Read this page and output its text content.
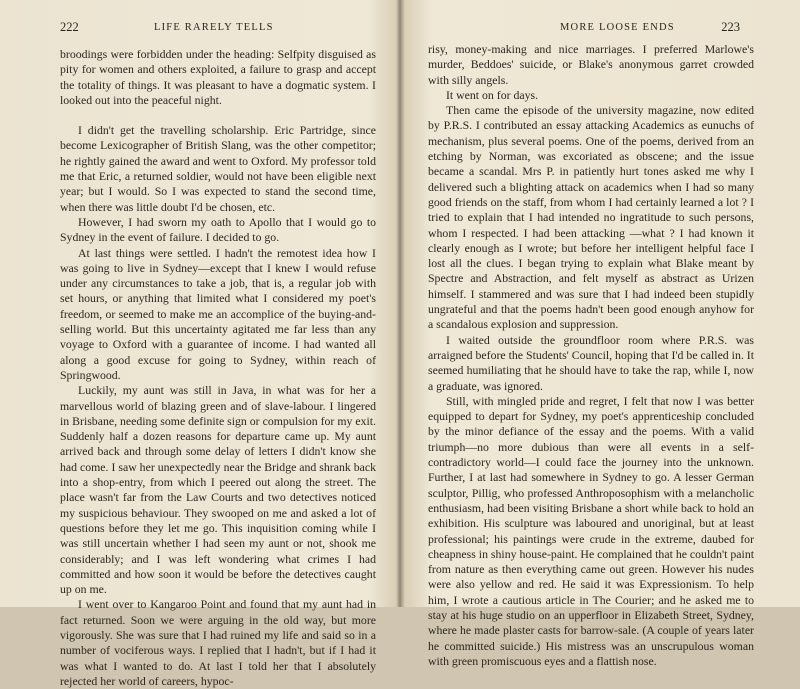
222	LIFE RARELY TELLS

broodings were forbidden under the heading: Selfpity disguised as pity for women and others exploited, a failure to grasp and accept the totality of things. It was pleasant to have a dogmatic system. I looked out into the peaceful night.

I didn't get the travelling scholarship. Eric Partridge, since become Lexicographer of British Slang, was the other competitor; he rightly gained the award and went to Oxford. My professor told me that Eric, a returned soldier, would not have been eligible next year; but I would. So I was expected to stand the second time, when there was little doubt I'd be chosen, etc.

However, I had sworn my oath to Apollo that I would go to Sydney in the event of failure. I decided to go.

At last things were settled. I hadn't the remotest idea how I was going to live in Sydney—except that I knew I would refuse under any circumstances to take a job, that is, a regular job with set hours, or anything that limited what I considered my poet's freedom, or seemed to make me an accomplice of the buying-and-selling world. But this uncertainty agitated me far less than any voyage to Oxford with a guarantee of income. I had wanted all along a good excuse for going to Sydney, within reach of Springwood.

Luckily, my aunt was still in Java, in what was for her a marvellous world of blazing green and of slave-labour. I lingered in Brisbane, needing some definite sign or compulsion for my exit. Suddenly half a dozen reasons for departure came up. My aunt arrived back and through some delay of letters I didn't know she had come. I saw her unexpectedly near the Bridge and shrank back into a shop-entry, from which I peered out along the street. The place wasn't far from the Law Courts and two detectives noticed my suspicious behaviour. They swooped on me and asked a lot of questions before they let me go. This inquisition coming while I was still uncertain whether I had seen my aunt or not, shook me considerably; and I was left wondering what crimes I had committed and how soon it would be before the detectives caught up on me.

I went over to Kangaroo Point and found that my aunt had in fact returned. Soon we were arguing in the old way, but more vigorously. She was sure that I had ruined my life and said so in a number of vociferous ways. I replied that I hadn't, but if I had it was what I wanted to do. At last I told her that I absolutely rejected her world of careers, hypoc-

MORE LOOSE ENDS	223

risy, money-making and nice marriages. I preferred Marlowe's murder, Beddoes' suicide, or Blake's anonymous garret crowded with silly angels.

It went on for days.

Then came the episode of the university magazine, now edited by P.R.S. I contributed an essay attacking Academics as eunuchs of mechanism, plus several poems. One of the poems, derived from an etching by Norman, was excoriated as obscene; and the issue became a scandal. Mrs P. in patiently hurt tones asked me why I delivered such a blighting attack on academics when I had so many good friends on the staff, from whom I had certainly learned a lot ? I tried to explain that I had intended no ingratitude to such persons, whom I respected. I had been attacking —what ? I had known it clearly enough as I wrote; but before her intelligent helpful face I lost all the clues. I began trying to explain what Blake meant by Spectre and Abstraction, and felt myself as abstract as Urizen himself. I stammered and was sure that I had indeed been stupidly ungrateful and that the poems hadn't been good enough anyhow for a scandalous explosion and suppression.

I waited outside the groundfloor room where P.R.S. was arraigned before the Students' Council, hoping that I'd be called in. It seemed humiliating that he should have to take the rap, while I, now a graduate, was ignored.

Still, with mingled pride and regret, I felt that now I was better equipped to depart for Sydney, my poet's apprenticeship concluded by the minor defiance of the essay and the poems. With a valid triumph—no more dubious than were all events in a self-contradictory world—I could face the journey into the unknown. Further, I at last had somewhere in Sydney to go. A lesser German sculptor, Pillig, who professed Anthroposophism with a melancholic enthusiasm, had been visiting Brisbane a short while back to hold an exhibition. His sculpture was laboured and unoriginal, but at least professional; his paintings were crude in the extreme, daubed for cheapness in shiny house-paint. He complained that he couldn't paint from nature as then everything came out green. However his nudes were also yellow and red. He said it was Expressionism. To help him, I wrote a cautious article in The Courier; and he asked me to stay at his huge studio on an upperfloor in Elizabeth Street, Sydney, where he made plaster casts for barrow-sale. (A couple of years later he committed suicide.) His mistress was an unscrupulous woman with green promiscuous eyes and a flattish nose.
